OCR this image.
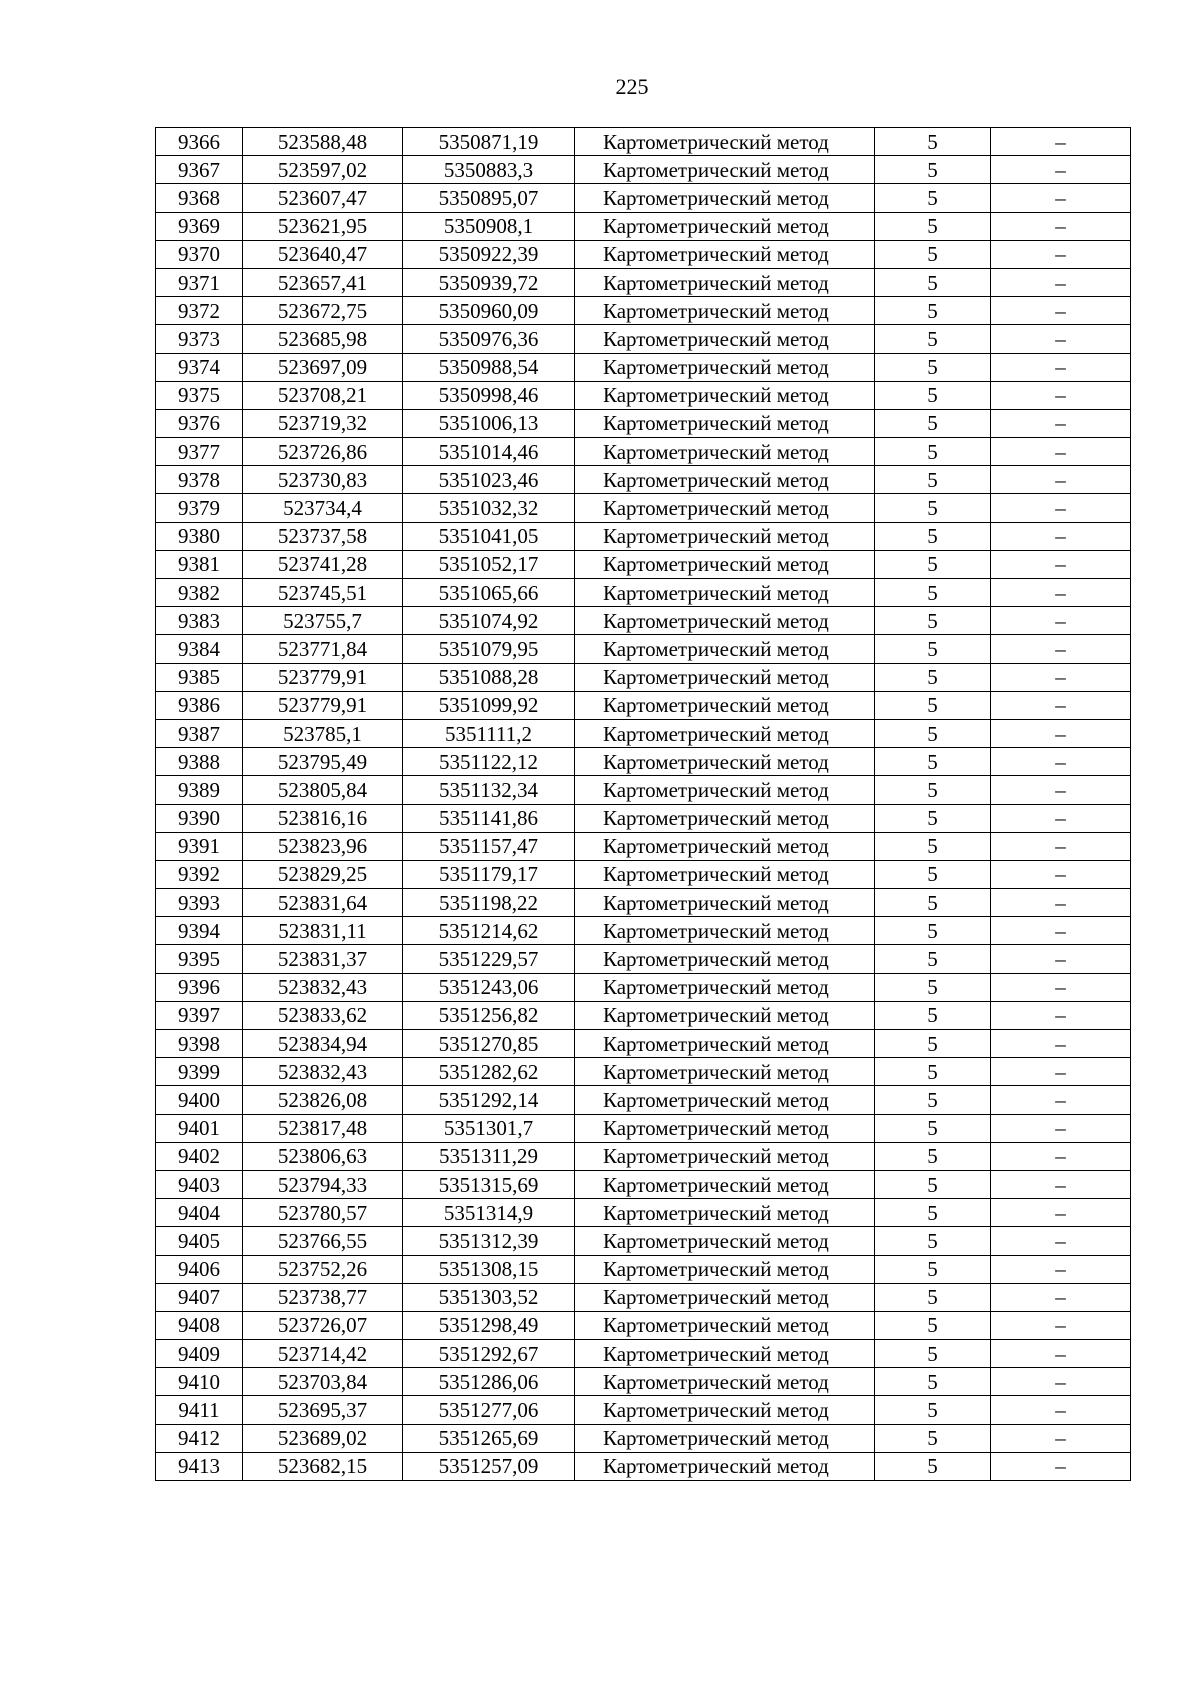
225
9366	523588,48	5350871,19	Картометрический метод	5	–
9367	523597,02	5350883,3	Картометрический метод	5	–
9368	523607,47	5350895,07	Картометрический метод	5	–
9369	523621,95	5350908,1	Картометрический метод	5	–
9370	523640,47	5350922,39	Картометрический метод	5	–
9371	523657,41	5350939,72	Картометрический метод	5	–
9372	523672,75	5350960,09	Картометрический метод	5	–
9373	523685,98	5350976,36	Картометрический метод	5	–
9374	523697,09	5350988,54	Картометрический метод	5	–
9375	523708,21	5350998,46	Картометрический метод	5	–
9376	523719,32	5351006,13	Картометрический метод	5	–
9377	523726,86	5351014,46	Картометрический метод	5	–
9378	523730,83	5351023,46	Картометрический метод	5	–
9379	523734,4	5351032,32	Картометрический метод	5	–
9380	523737,58	5351041,05	Картометрический метод	5	–
9381	523741,28	5351052,17	Картометрический метод	5	–
9382	523745,51	5351065,66	Картометрический метод	5	–
9383	523755,7	5351074,92	Картометрический метод	5	–
9384	523771,84	5351079,95	Картометрический метод	5	–
9385	523779,91	5351088,28	Картометрический метод	5	–
9386	523779,91	5351099,92	Картометрический метод	5	–
9387	523785,1	5351111,2	Картометрический метод	5	–
9388	523795,49	5351122,12	Картометрический метод	5	–
9389	523805,84	5351132,34	Картометрический метод	5	–
9390	523816,16	5351141,86	Картометрический метод	5	–
9391	523823,96	5351157,47	Картометрический метод	5	–
9392	523829,25	5351179,17	Картометрический метод	5	–
9393	523831,64	5351198,22	Картометрический метод	5	–
9394	523831,11	5351214,62	Картометрический метод	5	–
9395	523831,37	5351229,57	Картометрический метод	5	–
9396	523832,43	5351243,06	Картометрический метод	5	–
9397	523833,62	5351256,82	Картометрический метод	5	–
9398	523834,94	5351270,85	Картометрический метод	5	–
9399	523832,43	5351282,62	Картометрический метод	5	–
9400	523826,08	5351292,14	Картометрический метод	5	–
9401	523817,48	5351301,7	Картометрический метод	5	–
9402	523806,63	5351311,29	Картометрический метод	5	–
9403	523794,33	5351315,69	Картометрический метод	5	–
9404	523780,57	5351314,9	Картометрический метод	5	–
9405	523766,55	5351312,39	Картометрический метод	5	–
9406	523752,26	5351308,15	Картометрический метод	5	–
9407	523738,77	5351303,52	Картометрический метод	5	–
9408	523726,07	5351298,49	Картометрический метод	5	–
9409	523714,42	5351292,67	Картометрический метод	5	–
9410	523703,84	5351286,06	Картометрический метод	5	–
9411	523695,37	5351277,06	Картометрический метод	5	–
9412	523689,02	5351265,69	Картометрический метод	5	–
9413	523682,15	5351257,09	Картометрический метод	5	–
